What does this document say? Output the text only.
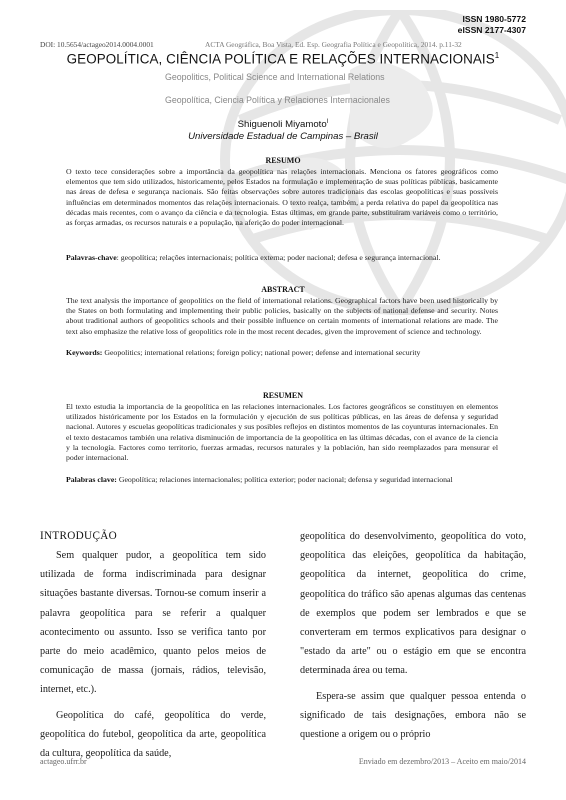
ISSN 1980-5772
eISSN 2177-4307
DOI: 10.5654/actageo2014.0004.0001	ACTA Geográfica, Boa Vista, Ed. Esp. Geografia Política e Geopolítica, 2014. p.11-32
GEOPOLÍTICA, CIÊNCIA POLÍTICA E RELAÇÕES INTERNACIONAIS$^1$
Geopolitics, Political Science and International Relations
Geopolítica, Ciencia Política y Relaciones Internacionales
Shiguenoli Miyamoto$^I$
Universidade Estadual de Campinas – Brasil
RESUMO
O texto tece considerações sobre a importância da geopolítica nas relações internacionais. Menciona os fatores geográficos como elementos que tem sido utilizados, historicamente, pelos Estados na formulação e implementação de suas políticas públicas, basicamente nas áreas de defesa e segurança nacionais. São feitas observações sobre autores tradicionais das escolas geopolíticas e suas possíveis influências em determinados momentos das relações internacionais. O texto realça, também, a perda relativa do papel da geopolítica nas décadas mais recentes, com o avanço da ciência e da tecnologia. Estas últimas, em grande parte, substituíram variáveis como o território, as forças armadas, os recursos naturais e a população, na aferição do poder internacional.
Palavras-chave: geopolítica; relações internacionais; política externa; poder nacional; defesa e segurança internacional.
ABSTRACT
The text analysis the importance of geopolitics on the field of international relations. Geographical factors have been used historically by the States on both formulating and implementing their public policies, basically on the subjects of national defense and security. Notes about traditional authors of geopolitics schools and their possible influence on certain moments of international relations are made. The text also emphasize the relative loss of geopolitics role in the most recent decades, given the improvement of science and technology.
Keywords: Geopolitics; international relations; foreign policy; national power; defense and international security
RESUMEN
El texto estudia la importancia de la geopolítica en las relaciones internacionales. Los factores geográficos se constituyen en elementos utilizados históricamente por los Estados en la formulación y ejecución de sus políticas públicas, en las áreas de defensa y seguridad nacional. Autores y escuelas geopolíticas tradicionales y sus posibles reflejos en distintos momentos de las coyunturas internacionales. En el texto destacamos también una relativa disminución de importancia de la geopolítica en las últimas décadas, con el avance de la ciencia y la tecnología. Factores como territorio, fuerzas armadas, recursos naturales y la población, han sido reemplazados para mensurar el poder internacional.
Palabras clave: Geopolítica; relaciones internacionales; política exterior; poder nacional; defensa y seguridad internacional
INTRODUÇÃO

Sem qualquer pudor, a geopolítica tem sido utilizada de forma indiscriminada para designar situações bastante diversas. Tornou-se comum inserir a palavra geopolítica para se referir a qualquer acontecimento ou assunto. Isso se verifica tanto por parte do meio acadêmico, quanto pelos meios de comunicação de massa (jornais, rádios, televisão, internet, etc.).

Geopolítica do café, geopolítica do verde, geopolítica do futebol, geopolítica da arte, geopolítica da cultura, geopolítica da saúde,

geopolítica do desenvolvimento, geopolítica do voto, geopolítica das eleições, geopolítica da habitação, geopolítica da internet, geopolítica do crime, geopolítica do tráfico são apenas algumas das centenas de exemplos que podem ser lembrados e que se converteram em termos explicativos para designar o "estado da arte" ou o estágio em que se encontra determinada área ou tema.

Espera-se assim que qualquer pessoa entenda o significado de tais designações, embora não se questione a origem ou o próprio

actageo.ufrr.br	Enviado em dezembro/2013 – Aceito em maio/2014
